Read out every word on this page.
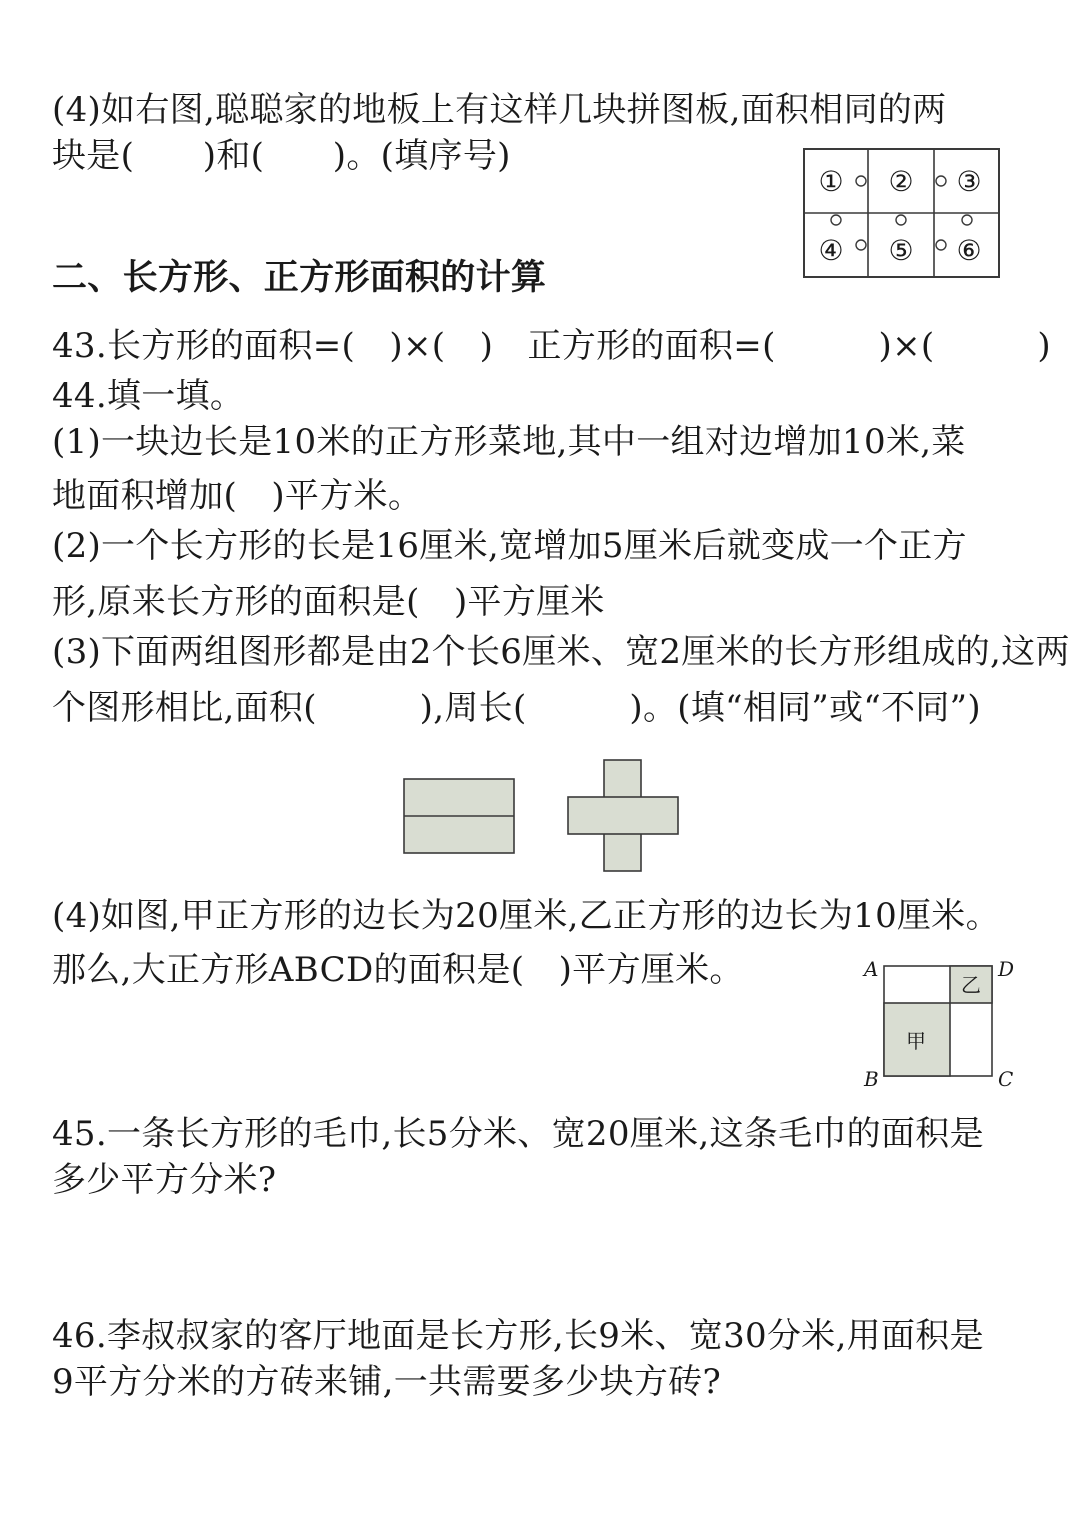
(4)如右图,聪聪家的地板上有这样几块拼图板,面积相同的两

块是(　　)和(　　)。(填序号)

① ② ③
④ ⑤ ⑥

二、长方形、正方形面积的计算

43.长方形的面积=(　)×(　)　正方形的面积=(　　　)×(　　　)

44.填一填。

(1)一块边长是10米的正方形菜地,其中一组对边增加10米,菜

地面积增加(　)平方米。

(2)一个长方形的长是16厘米,宽增加5厘米后就变成一个正方

形,原来长方形的面积是(　)平方厘米

(3)下面两组图形都是由2个长6厘米、宽2厘米的长方形组成的,这两

个图形相比,面积(　　　),周长(　　　)。(填“相同”或“不同”)

(4)如图,甲正方形的边长为20厘米,乙正方形的边长为10厘米。

那么,大正方形ABCD的面积是(　)平方厘米。

甲
乙
A	D
B	C

45.一条长方形的毛巾,长5分米、宽20厘米,这条毛巾的面积是

多少平方分米?

46.李叔叔家的客厅地面是长方形,长9米、宽30分米,用面积是

9平方分米的方砖来铺,一共需要多少块方砖?
